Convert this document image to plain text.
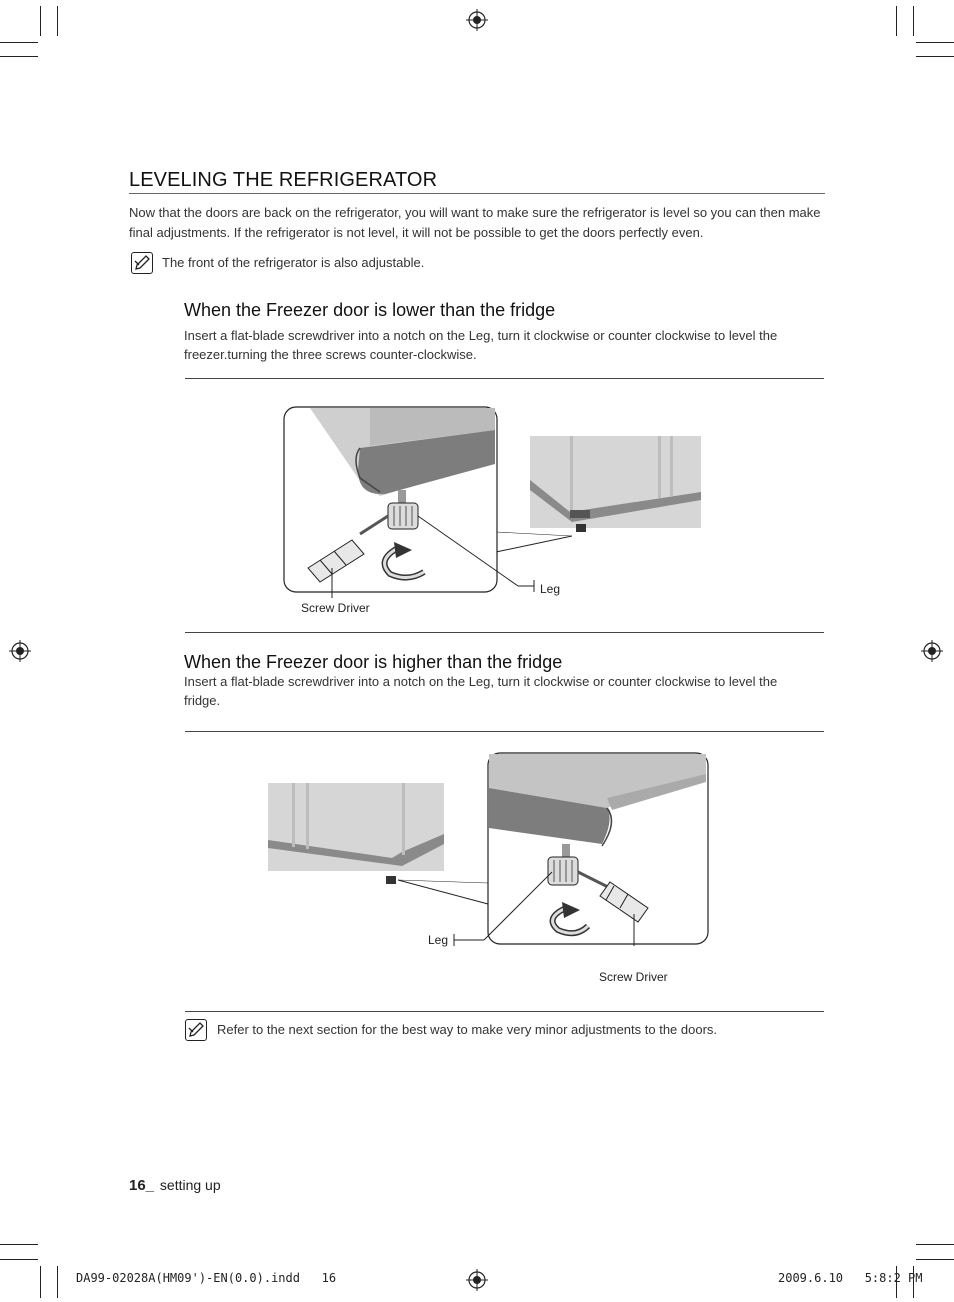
LEVELING THE REFRIGERATOR
Now that the doors are back on the refrigerator, you will want to make sure the refrigerator is level so you can then make final adjustments. If the refrigerator is not level, it will not be possible to get the doors perfectly even.
The front of the refrigerator is also adjustable.
When the Freezer door is lower than the fridge
Insert a flat-blade screwdriver into a notch on the Leg, turn it clockwise or counter clockwise to level the freezer.turning the three screws counter-clockwise.
Leg
Screw Driver
When the Freezer door is higher than the fridge
Insert a flat-blade screwdriver into a notch on the Leg, turn it clockwise or counter clockwise to level the fridge.
Leg
Screw Driver
Refer to the next section for the best way to make very minor adjustments to the doors.
16_ setting up
DA99-02028A(HM09')-EN(0.0).indd   16	2009.6.10   5:8:2 PM
